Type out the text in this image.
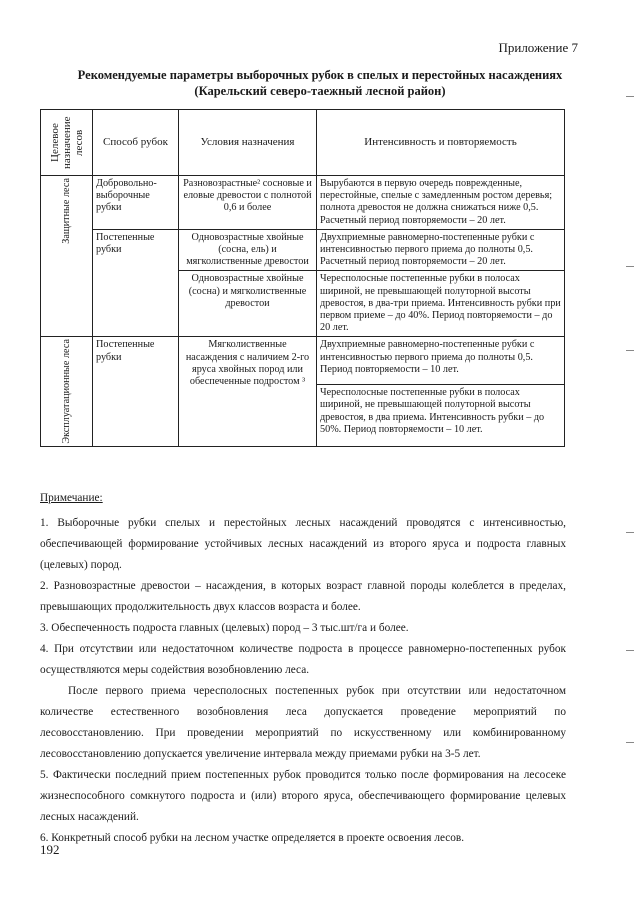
Приложение 7
Рекомендуемые параметры выборочных рубок в спелых и перестойных насаждениях
(Карельский северо-таежный лесной район)
Целевое назначение лесов	Способ рубок	Условия назначения	Интенсивность и повторяемость

Защитные леса	Добровольно-выборочные рубки	Разновозрастные² сосновые и еловые древостои с полнотой 0,6 и более	Вырубаются в первую очередь поврежденные, перестойные, спелые с замедленным ростом деревья; полнота древостоя не должна снижаться ниже 0,5. Расчетный период повторяемости – 20 лет.
	Постепенные рубки	Одновозрастные хвойные (сосна, ель) и мягколиственные древостои	Двухприемные равномерно-постепенные рубки с интенсивностью первого приема до полноты 0,5. Расчетный период повторяемости – 20 лет.
		Одновозрастные хвойные (сосна) и мягколиственные древостои	Чересполосные постепенные рубки в полосах шириной, не превышающей полуторной высоты древостоя, в два-три приема. Интенсивность рубки при первом приеме – до 40%. Период повторяемости – до 20 лет.

Эксплуатационные леса	Постепенные рубки	Мягколиственные насаждения с наличием 2-го яруса хвойных пород или обеспеченные подростом ³	Двухприемные равномерно-постепенные рубки с интенсивностью первого приема до полноты 0,5. Период повторяемости – 10 лет.
			Чересполосные постепенные рубки в полосах шириной, не превышающей полуторной высоты древостоя, в два приема. Интенсивность рубки – до 50%. Период повторяемости – 10 лет.

Примечание:

1. Выборочные рубки спелых и перестойных лесных насаждений проводятся с интенсивностью, обеспечивающей формирование устойчивых лесных насаждений из второго яруса и подроста главных (целевых) пород.

2. Разновозрастные древостои – насаждения, в которых возраст главной породы колеблется в пределах, превышающих продолжительность двух классов возраста и более.

3. Обеспеченность подроста главных (целевых) пород – 3 тыс.шт/га и более.

4. При отсутствии или недостаточном количестве подроста в процессе равномерно-постепенных рубок осуществляются меры содействия возобновлению леса.

После первого приема чересполосных постепенных рубок при отсутствии или недостаточном количестве естественного возобновления леса допускается проведение мероприятий по лесовосстановлению. При проведении мероприятий по искусственному или комбинированному лесовосстановлению допускается увеличение интервала между приемами рубки на 3-5 лет.

5. Фактически последний прием постепенных рубок проводится только после формирования на лесосеке жизнеспособного сомкнутого подроста и (или) второго яруса, обеспечивающего формирование целевых лесных насаждений.

6. Конкретный способ рубки на лесном участке определяется в проекте освоения лесов.

192
